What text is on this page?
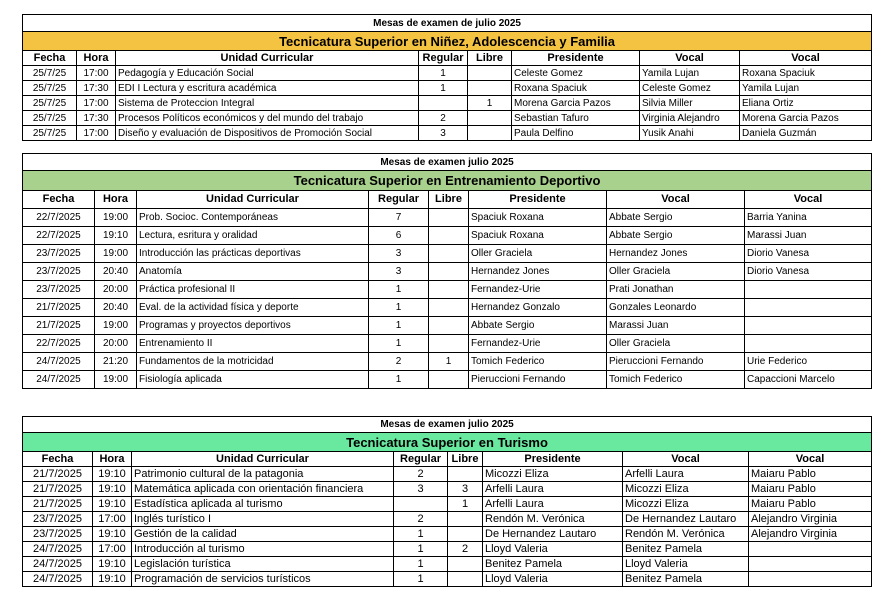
Mesas de examen de julio 2025							
Tecnicatura Superior en Niñez, Adolescencia y Familia							
Fecha	Hora	Unidad Curricular	Regular	Libre	Presidente	Vocal	Vocal
25/7/25	17:00	Pedagogía y Educación Social	1		Celeste Gomez	Yamila Lujan	Roxana Spaciuk
25/7/25	17:30	EDI I Lectura y escritura académica	1		Roxana Spaciuk	Celeste Gomez	Yamila Lujan
25/7/25	17:00	Sistema de Proteccion Integral		1	Morena Garcia Pazos	Silvia Miller	Eliana Ortiz
25/7/25	17:30	Procesos Políticos económicos y del mundo del trabajo	2		Sebastian Tafuro	Virginia Alejandro	Morena Garcia Pazos
25/7/25	17:00	Diseño y evaluación de Dispositivos de Promoción Social	3		Paula Delfino	Yusik Anahi	Daniela Guzmán
Mesas de examen julio 2025							
Tecnicatura Superior en Entrenamiento Deportivo							
Fecha	Hora	Unidad Curricular	Regular	Libre	Presidente	Vocal	Vocal
22/7/2025	19:00	Prob. Socioc. Contemporáneas	7		Spaciuk Roxana	Abbate Sergio	Barria Yanina
22/7/2025	19:10	Lectura, esritura y oralidad	6		Spaciuk Roxana	Abbate Sergio	Marassi Juan
23/7/2025	19:00	Introducción las prácticas deportivas	3		Oller Graciela	Hernandez Jones	Diorio Vanesa
23/7/2025	20:40	Anatomía	3		Hernandez Jones	Oller Graciela	Diorio Vanesa
23/7/2025	20:00	Práctica profesional II	1		Fernandez-Urie	Prati Jonathan	
21/7/2025	20:40	Eval. de la actividad física y deporte	1		Hernandez Gonzalo	Gonzales Leonardo	
21/7/2025	19:00	Programas y proyectos deportivos	1		Abbate Sergio	Marassi Juan	
22/7/2025	20:00	Entrenamiento II	1		Fernandez-Urie	Oller Graciela	
24/7/2025	21:20	Fundamentos de la motricidad	2	1	Tomich Federico	Pieruccioni Fernando	Urie Federico
24/7/2025	19:00	Fisiología aplicada	1		Pieruccioni Fernando	Tomich Federico	Capaccioni Marcelo
Mesas de examen julio 2025							
Tecnicatura Superior en Turismo							
Fecha	Hora	Unidad Curricular	Regular	Libre	Presidente	Vocal	Vocal
21/7/2025	19:10	Patrimonio cultural de la patagonia	2		Micozzi Eliza	Arfelli Laura	Maiaru Pablo
21/7/2025	19:10	Matemática aplicada con orientación financiera	3	3	Arfelli Laura	Micozzi Eliza	Maiaru Pablo
21/7/2025	19:10	Estadística aplicada al turismo		1	Arfelli Laura	Micozzi Eliza	Maiaru Pablo
23/7/2025	17:00	Inglés turístico I	2		Rendón M. Verónica	De Hernandez Lautaro	Alejandro Virginia
23/7/2025	19:10	Gestión de la calidad	1		De Hernandez Lautaro	Rendón M. Verónica	Alejandro Virginia
24/7/2025	17:00	Introducción al turismo	1	2	Lloyd Valeria	Benitez Pamela	
24/7/2025	19:10	Legislación turística	1		Benitez Pamela	Lloyd Valeria	
24/7/2025	19:10	Programación de servicios turísticos	1		Lloyd Valeria	Benitez Pamela	
